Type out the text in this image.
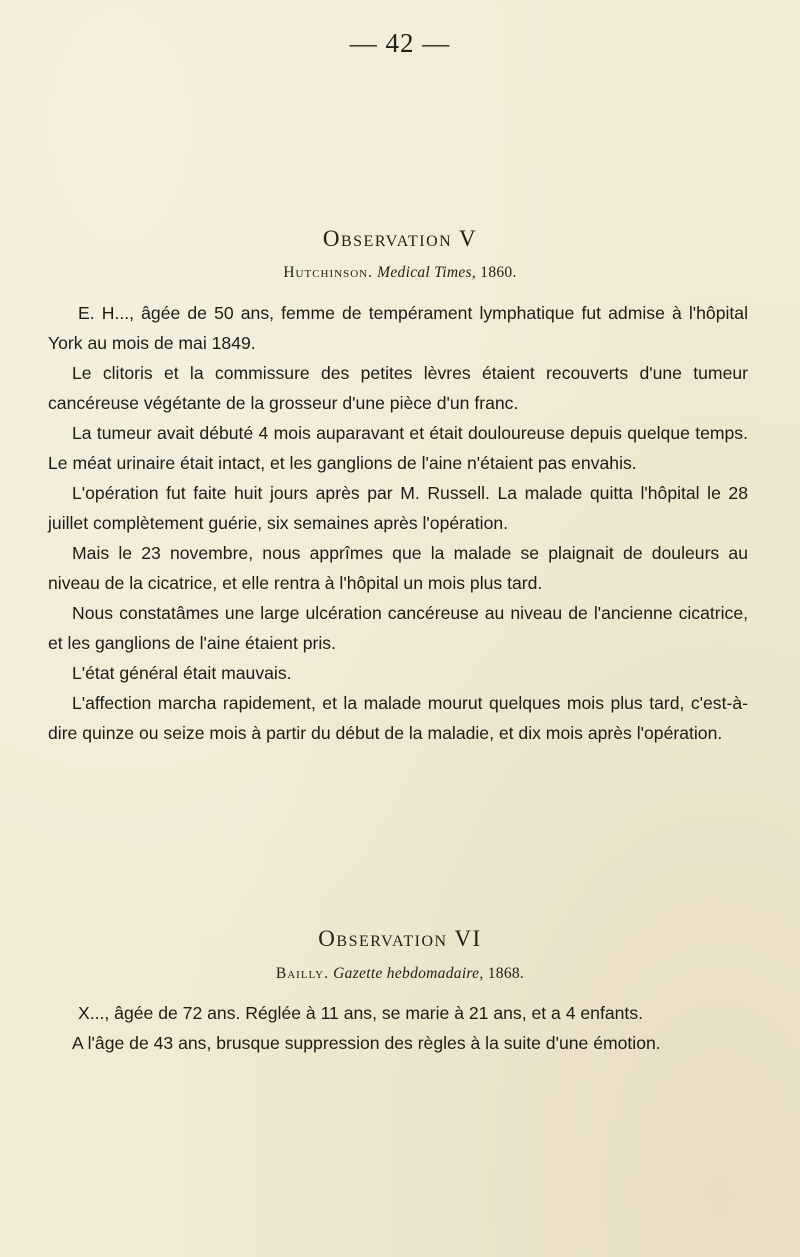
— 42 —
Observation V
Hutchinson. Medical Times, 1860.

E. H..., âgée de 50 ans, femme de tempérament lymphatique fut admise à l'hôpital York au mois de mai 1849.

Le clitoris et la commissure des petites lèvres étaient recouverts d'une tumeur cancéreuse végétante de la grosseur d'une pièce d'un franc.

La tumeur avait débuté 4 mois auparavant et était douloureuse depuis quelque temps. Le méat urinaire était intact, et les ganglions de l'aine n'étaient pas envahis.

L'opération fut faite huit jours après par M. Russell. La malade quitta l'hôpital le 28 juillet complètement guérie, six semaines après l'opération.

Mais le 23 novembre, nous apprîmes que la malade se plaignait de douleurs au niveau de la cicatrice, et elle rentra à l'hôpital un mois plus tard.

Nous constatâmes une large ulcération cancéreuse au niveau de l'ancienne cicatrice, et les ganglions de l'aine étaient pris.

L'état général était mauvais.

L'affection marcha rapidement, et la malade mourut quelques mois plus tard, c'est-à-dire quinze ou seize mois à partir du début de la maladie, et dix mois après l'opération.

Observation VI
Bailly. Gazette hebdomadaire, 1868.

X..., âgée de 72 ans. Réglée à 11 ans, se marie à 21 ans, et a 4 enfants.

A l'âge de 43 ans, brusque suppression des règles à la suite d'une émotion.
